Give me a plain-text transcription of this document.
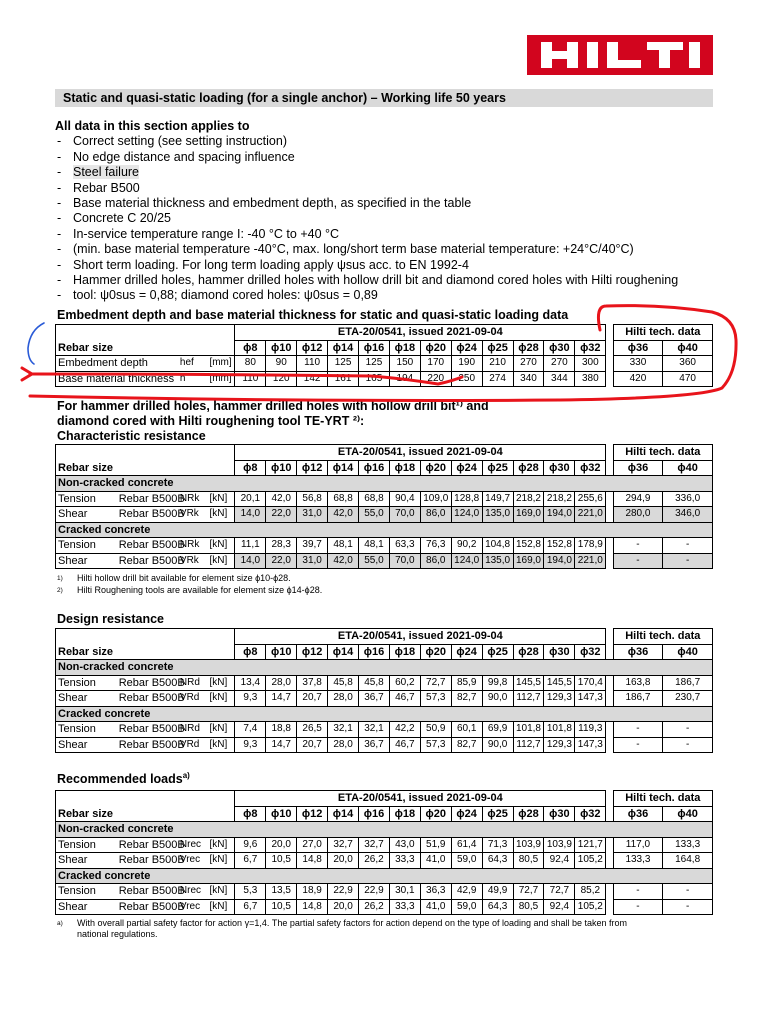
Static and quasi-static loading (for a single anchor) – Working life 50 years
All data in this section applies to
- Correct setting (see setting instruction)
- No edge distance and spacing influence
- Steel failure
- Rebar B500
- Base material thickness and embedment depth, as specified in the table
- Concrete C 20/25
- In-service temperature range I: -40 °C to +40 °C
- (min. base material temperature -40°C, max. long/short term base material temperature: +24°C/40°C)
- Short term loading. For long term loading apply ψsus acc. to EN 1992-4
- Hammer drilled holes, hammer drilled holes with hollow drill bit and diamond cored holes with Hilti roughening
- tool: ψ0sus = 0,88; diamond cored holes: ψ0sus = 0,89
Embedment depth and base material thickness for static and quasi-static loading data
			ETA-20/0541, issued 2021-09-04													Hilti tech. data	
Rebar size			ϕ8	ϕ10	ϕ12	ϕ14	ϕ16	ϕ18	ϕ20	ϕ24	ϕ25	ϕ28	ϕ30	ϕ32		ϕ36	ϕ40
Embedment depth	hef	[mm]	80	90	110	125	125	150	170	190	210	270	270	300		330	360
Base material thickness	h	[mm]	110	120	142	161	165	194	220	250	274	340	344	380		420	470
For hammer drilled holes, hammer drilled holes with hollow drill bit¹⁾ and
diamond cored with Hilti roughening tool TE-YRT ²⁾:
Characteristic resistance
				ETA-20/0541, issued 2021-09-04													Hilti tech. data	
Rebar size				ϕ8	ϕ10	ϕ12	ϕ14	ϕ16	ϕ18	ϕ20	ϕ24	ϕ25	ϕ28	ϕ30	ϕ32		ϕ36	ϕ40
Non-cracked concrete																		
Tension	Rebar B500B	NRk	[kN]	20,1	42,0	56,8	68,8	68,8	90,4	109,0	128,8	149,7	218,2	218,2	255,6		294,9	336,0
Shear	Rebar B500B	VRk	[kN]	14,0	22,0	31,0	42,0	55,0	70,0	86,0	124,0	135,0	169,0	194,0	221,0		280,0	346,0
Cracked concrete																		
Tension	Rebar B500B	NRk	[kN]	11,1	28,3	39,7	48,1	48,1	63,3	76,3	90,2	104,8	152,8	152,8	178,9		-	-
Shear	Rebar B500B	VRk	[kN]	14,0	22,0	31,0	42,0	55,0	70,0	86,0	124,0	135,0	169,0	194,0	221,0		-	-
$^{1)}$ Hilti hollow drill bit available for element size ϕ10-ϕ28.
$^{2)}$ Hilti Roughening tools are available for element size ϕ14-ϕ28.
Design resistance
				ETA-20/0541, issued 2021-09-04													Hilti tech. data	
Rebar size				ϕ8	ϕ10	ϕ12	ϕ14	ϕ16	ϕ18	ϕ20	ϕ24	ϕ25	ϕ28	ϕ30	ϕ32		ϕ36	ϕ40
Non-cracked concrete																		
Tension	Rebar B500B	NRd	[kN]	13,4	28,0	37,8	45,8	45,8	60,2	72,7	85,9	99,8	145,5	145,5	170,4		163,8	186,7
Shear	Rebar B500B	VRd	[kN]	9,3	14,7	20,7	28,0	36,7	46,7	57,3	82,7	90,0	112,7	129,3	147,3		186,7	230,7
Cracked concrete																		
Tension	Rebar B500B	NRd	[kN]	7,4	18,8	26,5	32,1	32,1	42,2	50,9	60,1	69,9	101,8	101,8	119,3		-	-
Shear	Rebar B500B	VRd	[kN]	9,3	14,7	20,7	28,0	36,7	46,7	57,3	82,7	90,0	112,7	129,3	147,3		-	-
Recommended loads$^{a)}$
				ETA-20/0541, issued 2021-09-04													Hilti tech. data	
Rebar size				ϕ8	ϕ10	ϕ12	ϕ14	ϕ16	ϕ18	ϕ20	ϕ24	ϕ25	ϕ28	ϕ30	ϕ32		ϕ36	ϕ40
Non-cracked concrete																		
Tension	Rebar B500B	Nrec	[kN]	9,6	20,0	27,0	32,7	32,7	43,0	51,9	61,4	71,3	103,9	103,9	121,7		117,0	133,3
Shear	Rebar B500B	Vrec	[kN]	6,7	10,5	14,8	20,0	26,2	33,3	41,0	59,0	64,3	80,5	92,4	105,2		133,3	164,8
Cracked concrete																		
Tension	Rebar B500B	Nrec	[kN]	5,3	13,5	18,9	22,9	22,9	30,1	36,3	42,9	49,9	72,7	72,7	85,2		-	-
Shear	Rebar B500B	Vrec	[kN]	6,7	10,5	14,8	20,0	26,2	33,3	41,0	59,0	64,3	80,5	92,4	105,2		-	-
$^{a)}$ With overall partial safety factor for action γ=1,4. The partial safety factors for action depend on the type of loading and shall be taken from
national regulations.
